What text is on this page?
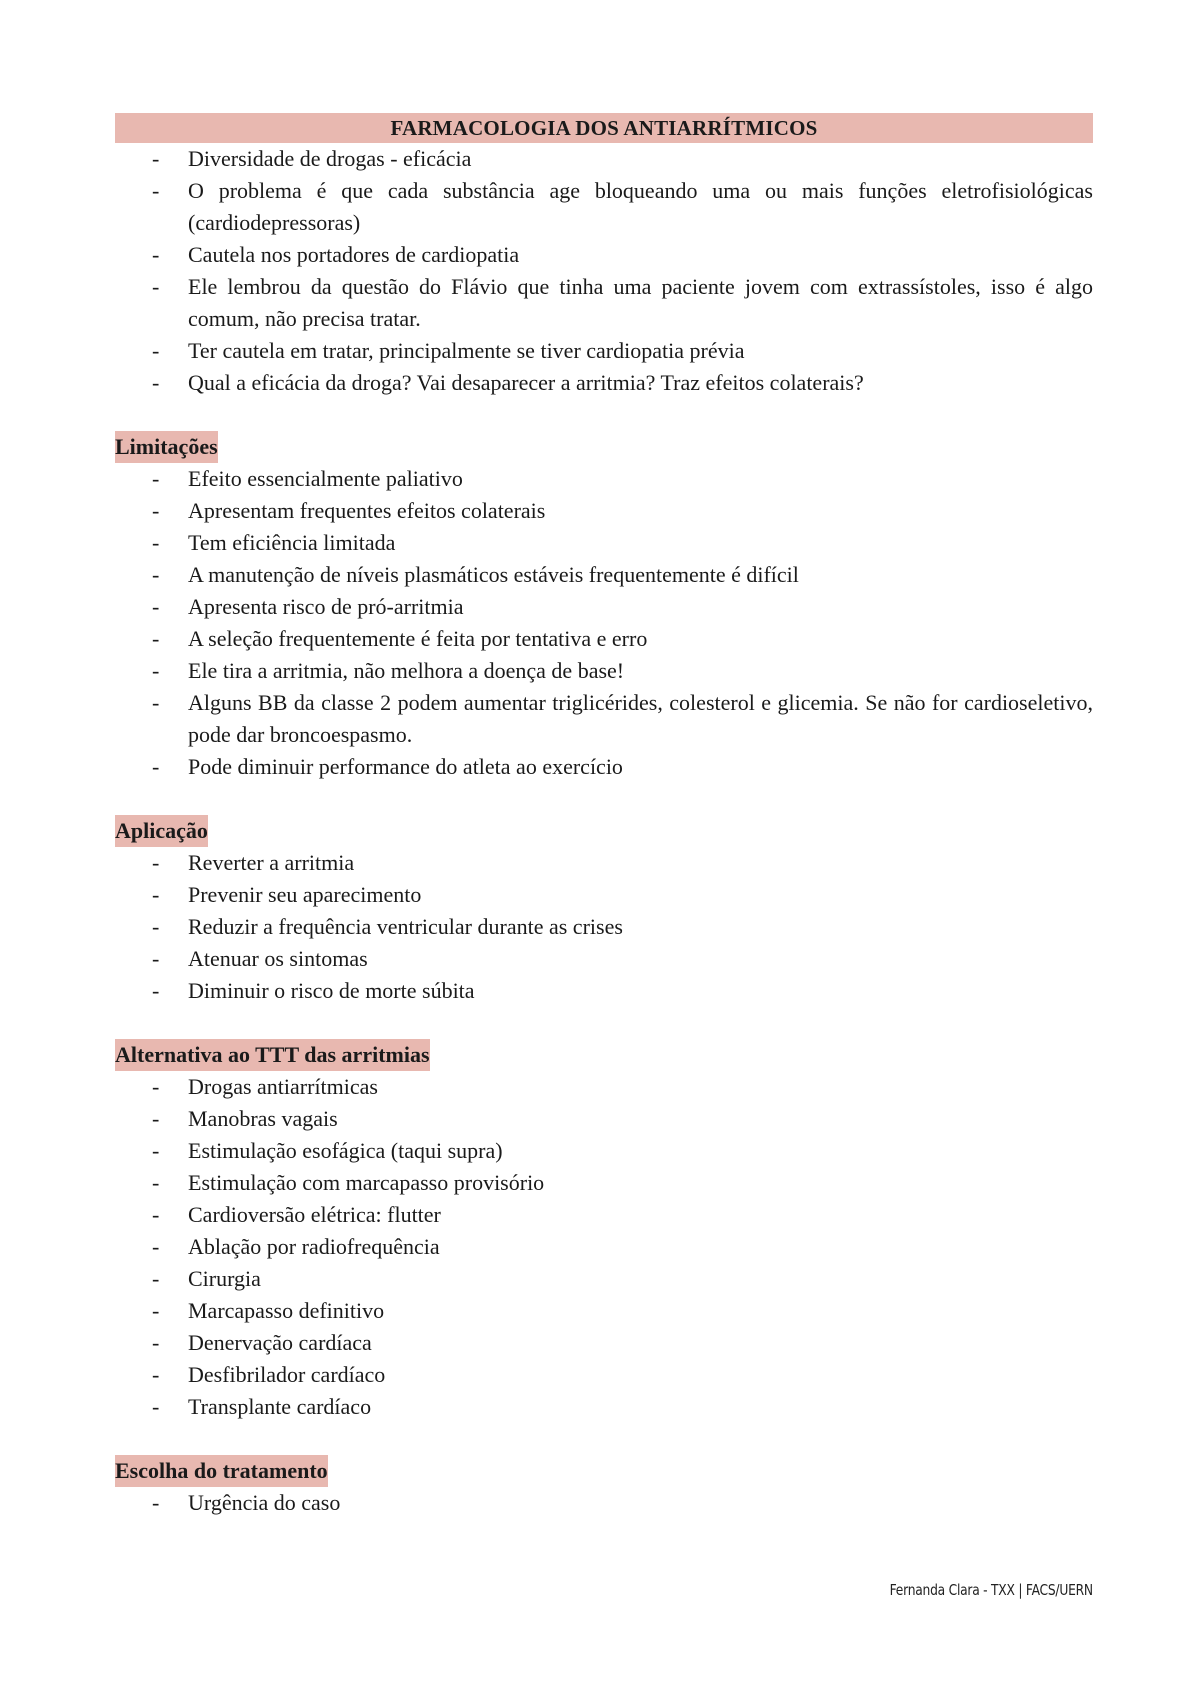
FARMACOLOGIA DOS ANTIARRÍTMICOS
- Diversidade de drogas - eficácia
- O problema é que cada substância age bloqueando uma ou mais funções eletrofisiológicas (cardiodepressoras)
- Cautela nos portadores de cardiopatia
- Ele lembrou da questão do Flávio que tinha uma paciente jovem com extrassístoles, isso é algo comum, não precisa tratar.
- Ter cautela em tratar, principalmente se tiver cardiopatia prévia
- Qual a eficácia da droga? Vai desaparecer a arritmia? Traz efeitos colaterais?
Limitações
- Efeito essencialmente paliativo
- Apresentam frequentes efeitos colaterais
- Tem eficiência limitada
- A manutenção de níveis plasmáticos estáveis frequentemente é difícil
- Apresenta risco de pró-arritmia
- A seleção frequentemente é feita por tentativa e erro
- Ele tira a arritmia, não melhora a doença de base!
- Alguns BB da classe 2 podem aumentar triglicérides, colesterol e glicemia. Se não for cardioseletivo, pode dar broncoespasmo.
- Pode diminuir performance do atleta ao exercício
Aplicação
- Reverter a arritmia
- Prevenir seu aparecimento
- Reduzir a frequência ventricular durante as crises
- Atenuar os sintomas
- Diminuir o risco de morte súbita
Alternativa ao TTT das arritmias
- Drogas antiarrítmicas
- Manobras vagais
- Estimulação esofágica (taqui supra)
- Estimulação com marcapasso provisório
- Cardioversão elétrica: flutter
- Ablação por radiofrequência
- Cirurgia
- Marcapasso definitivo
- Denervação cardíaca
- Desfibrilador cardíaco
- Transplante cardíaco
Escolha do tratamento
- Urgência do caso
Fernanda Clara - TXX | FACS/UERN
